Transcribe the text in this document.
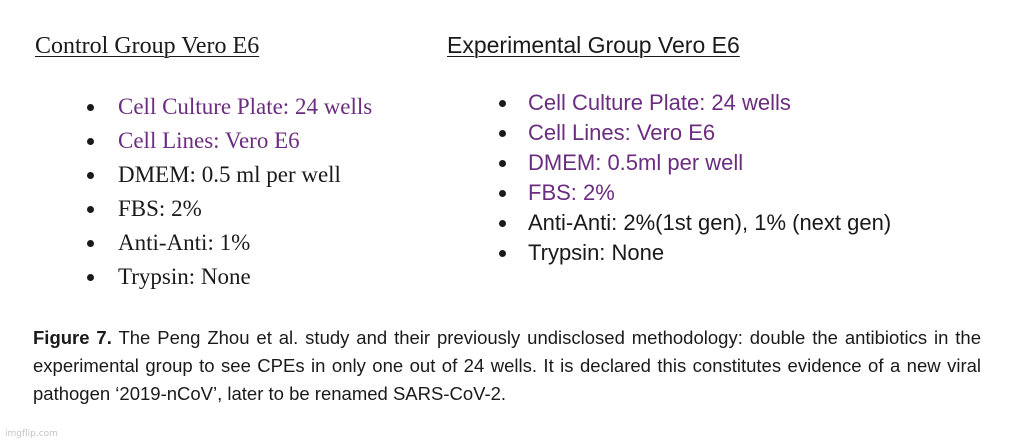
Control Group Vero E6
Cell Culture Plate: 24 wells
Cell Lines: Vero E6
DMEM: 0.5 ml per well
FBS: 2%
Anti-Anti: 1%
Trypsin: None
Experimental Group Vero E6
Cell Culture Plate: 24 wells
Cell Lines: Vero E6
DMEM: 0.5ml per well
FBS: 2%
Anti-Anti: 2%(1st gen), 1% (next gen)
Trypsin: None
Figure 7. The Peng Zhou et al. study and their previously undisclosed methodology: double the antibiotics in the experimental group to see CPEs in only one out of 24 wells. It is declared this constitutes evidence of a new viral pathogen ‘2019-nCoV’, later to be renamed SARS-CoV-2.
imgflip.com
